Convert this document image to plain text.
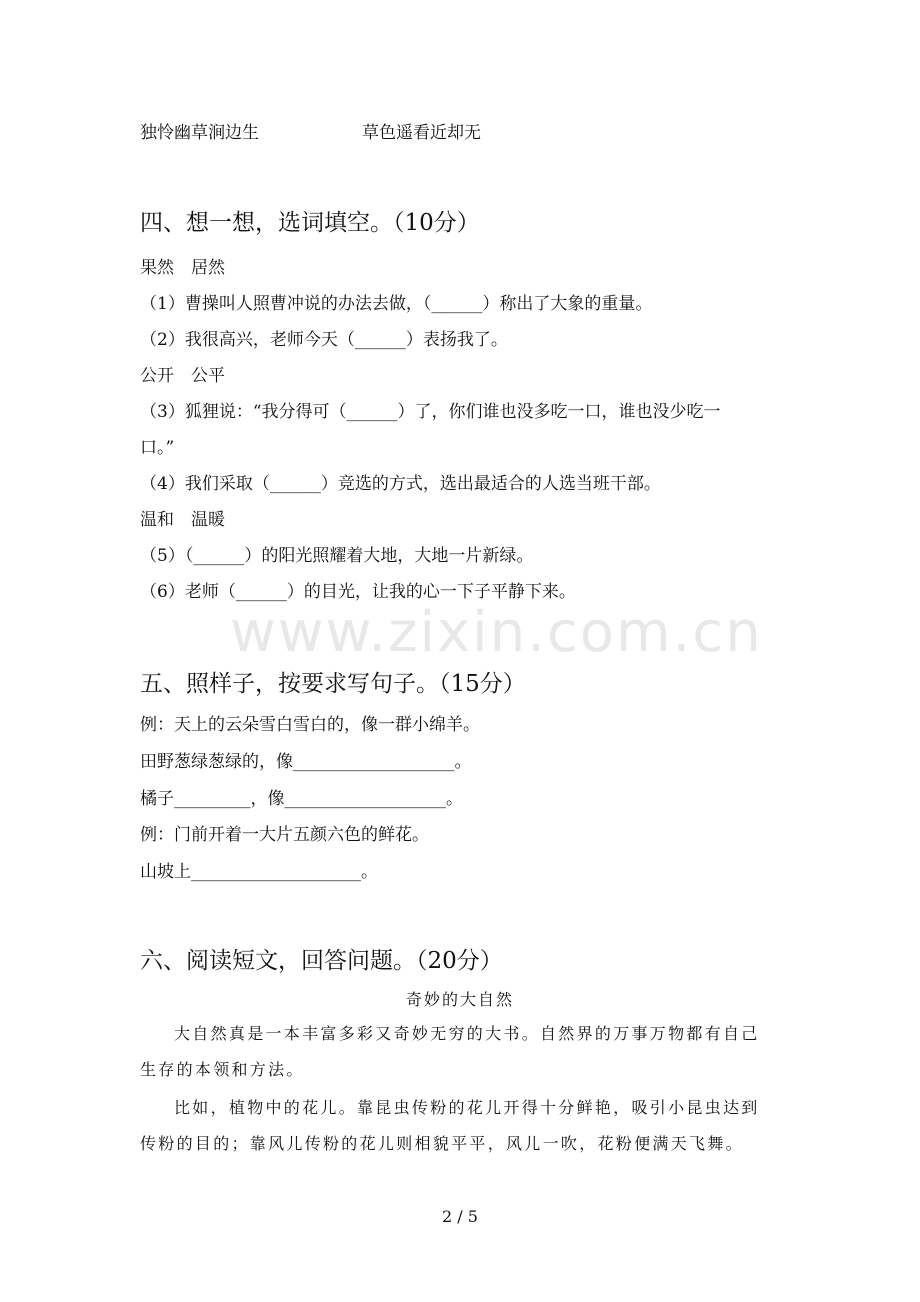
独怜幽草涧边生	草色遥看近却无
四、想一想，选词填空。（10分）
果然　居然
（1）曹操叫人照曹冲说的办法去做，（______）称出了大象的重量。
（2）我很高兴，老师今天（______）表扬我了。
公开　公平
（3）狐狸说：“我分得可（______）了，你们谁也没多吃一口，谁也没少吃一
口。”
（4）我们采取（______）竞选的方式，选出最适合的人选当班干部。
温和　温暖
（5）（______）的阳光照耀着大地，大地一片新绿。
（6）老师（______）的目光，让我的心一下子平静下来。
www.zixin.com.cn
五、照样子，按要求写句子。（15分）
例：天上的云朵雪白雪白的，像一群小绵羊。
田野葱绿葱绿的，像___________________。
橘子_________，像___________________。
例：门前开着一大片五颜六色的鲜花。
山坡上____________________。
六、阅读短文，回答问题。（20分）
奇妙的大自然
大自然真是一本丰富多彩又奇妙无穷的大书。自然界的万事万物都有自己
生存的本领和方法。
比如，植物中的花儿。靠昆虫传粉的花儿开得十分鲜艳，吸引小昆虫达到
传粉的目的；靠风儿传粉的花儿则相貌平平，风儿一吹，花粉便满天飞舞。
2 / 5
